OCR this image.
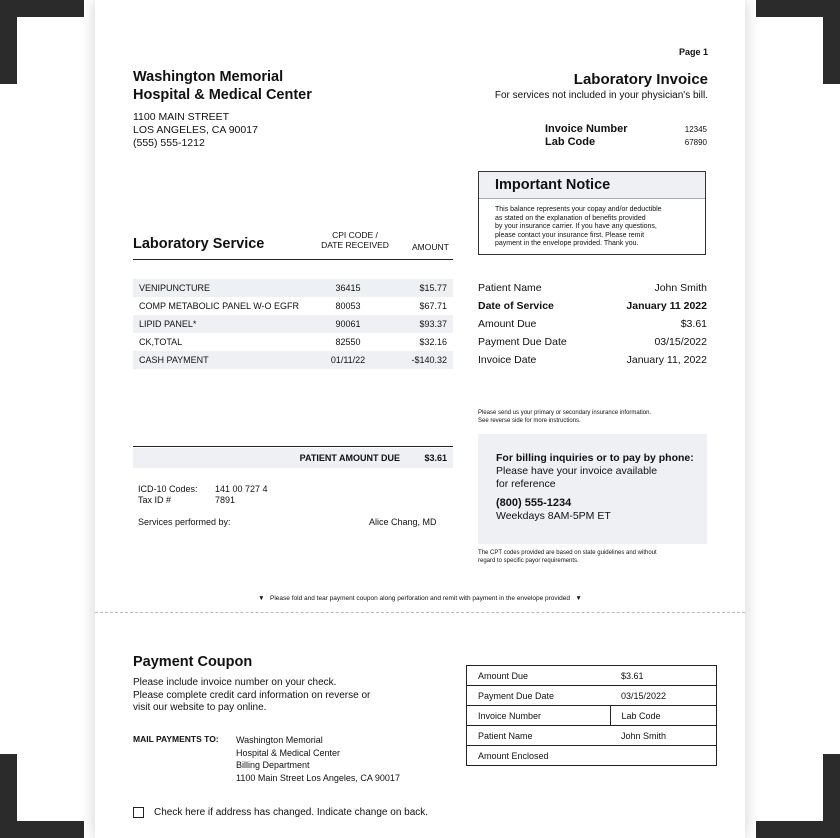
Page 1
Washington Memorial
Hospital & Medical Center
1100 MAIN STREET
LOS ANGELES, CA 90017
(555) 555-1212
Laboratory Invoice
For services not included in your physician's bill.
Invoice Number	12345
Lab Code	67890
Important Notice
This balance represents your copay and/or deductible
as stated on the explanation of benefits provided
by your insurance carrier. If you have any questions,
please contact your insurance first. Please remit
payment in the envelope provided. Thank you.
Laboratory Service
CPI CODE /
DATE RECEIVED	AMOUNT
VENIPUNCTURE	36415	$15.77
COMP METABOLIC PANEL W-O EGFR	80053	$67.71
LIPID PANEL*	90061	$93.37
CK,TOTAL	82550	$32.16
CASH PAYMENT	01/11/22	-$140.32
Patient Name	John Smith
Date of Service	January 11 2022
Amount Due	$3.61
Payment Due Date	03/15/2022
Invoice Date	January 11, 2022
Please send us your primary or secondary insurance information.
See reverse side for more instructions.
For billing inquiries or to pay by phone:
Please have your invoice available
for reference
(800) 555-1234
Weekdays 8AM-5PM ET
The CPT codes provided are based on state guidelines and without
regard to specific payor requirements.
PATIENT AMOUNT DUE	$3.61
ICD-10 Codes: 141 00 727 4
Tax ID #	7891
Services performed by:	Alice Chang, MD
▼ Please fold and tear payment coupon along perforation and remit with payment in the envelope provided ▼
Payment Coupon
Please include invoice number on your check.
Please complete credit card information on reverse or
visit our website to pay online.
MAIL PAYMENTS TO: Washington Memorial
Hospital & Medical Center
Billing Department
1100 Main Street Los Angeles, CA 90017
Check here if address has changed. Indicate change on back.
Amount Due	$3.61
Payment Due Date	03/15/2022
Invoice Number	Lab Code
Patient Name	John Smith
Amount Enclosed	
